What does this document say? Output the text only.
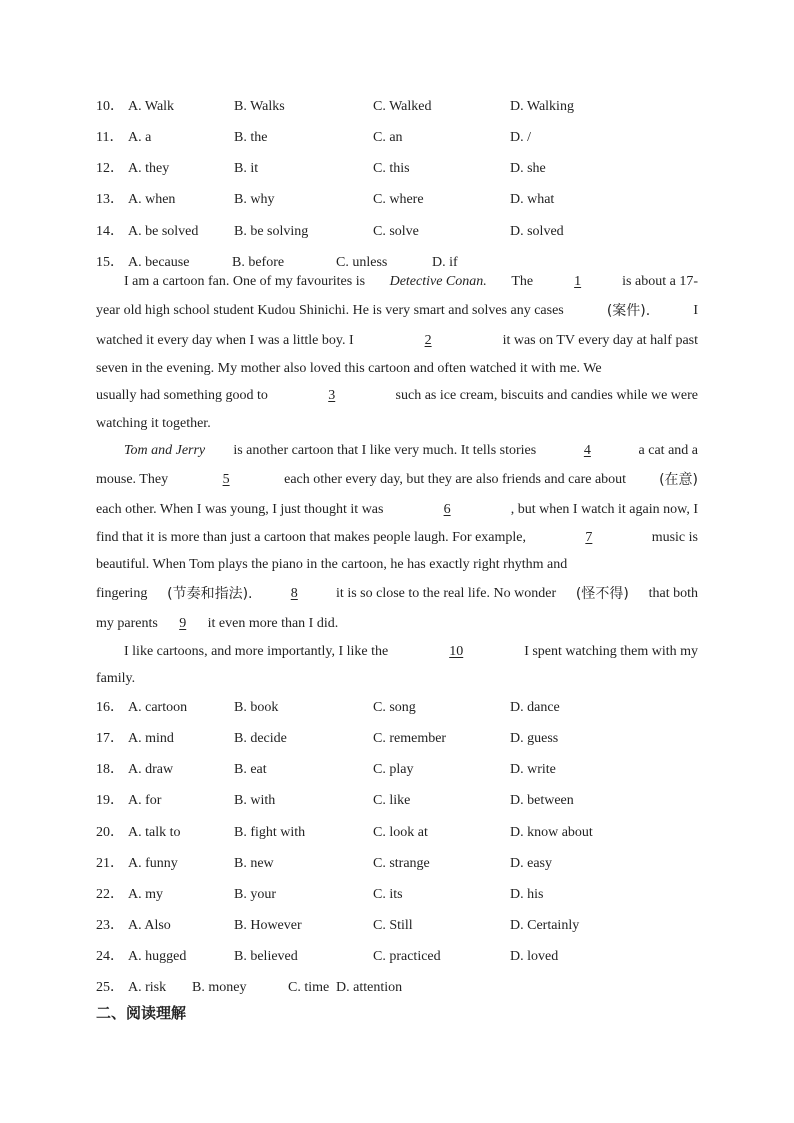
10． A. Walk	B. Walks	C. Walked	D. Walking
11． A. a	B. the	C. an	D. /
12． A. they	B. it	C. this	D. she
13． A. when	B. why	C. where	D. what
14． A. be solved	B. be solving	C. solve	D. solved
15． A. because	B. before	C. unless	D. if
I am a cartoon fan. One of my favourites is Detective Conan. The	1	is about a 17-
year old high school student Kudou Shinichi. He is very smart and solves any cases	(案件).	I
watched it every day when I was a little boy. I	2	it was on TV every day at half past
seven in the evening. My mother also loved this cartoon and often watched it with me. We
usually had something good to	3	such as ice cream, biscuits and candies while we were
watching it together.
Tom and Jerry is another cartoon that I like very much. It tells stories	4	a cat and a
mouse. They	5	each other every day, but they are also friends and care about (在意)
each other. When I was young, I just thought it was	6	, but when I watch it again now, I
find that it is more than just a cartoon that makes people laugh. For example,	7	music is
beautiful. When Tom plays the piano in the cartoon, he has exactly right rhythm and
fingering (节奏和指法).	8	it is so close to the real life. No wonder (怪不得) that both
my parents	9	it even more than I did.
I like cartoons, and more importantly, I like the	10	I spent watching them with my
family.
16． A. cartoon	B. book	C. song	D. dance
17． A. mind	B. decide	C. remember	D. guess
18． A. draw	B. eat	C. play	D. write
19． A. for	B. with	C. like	D. between
20． A. talk to	B. fight with	C. look at	D. know about
21． A. funny	B. new	C. strange	D. easy
22． A. my	B. your	C. its	D. his
23． A. Also	B. However	C. Still	D. Certainly
24． A. hugged	B. believed	C. practiced	D. loved
25． A. risk B. money	C. time D. attention
二、阅读理解
